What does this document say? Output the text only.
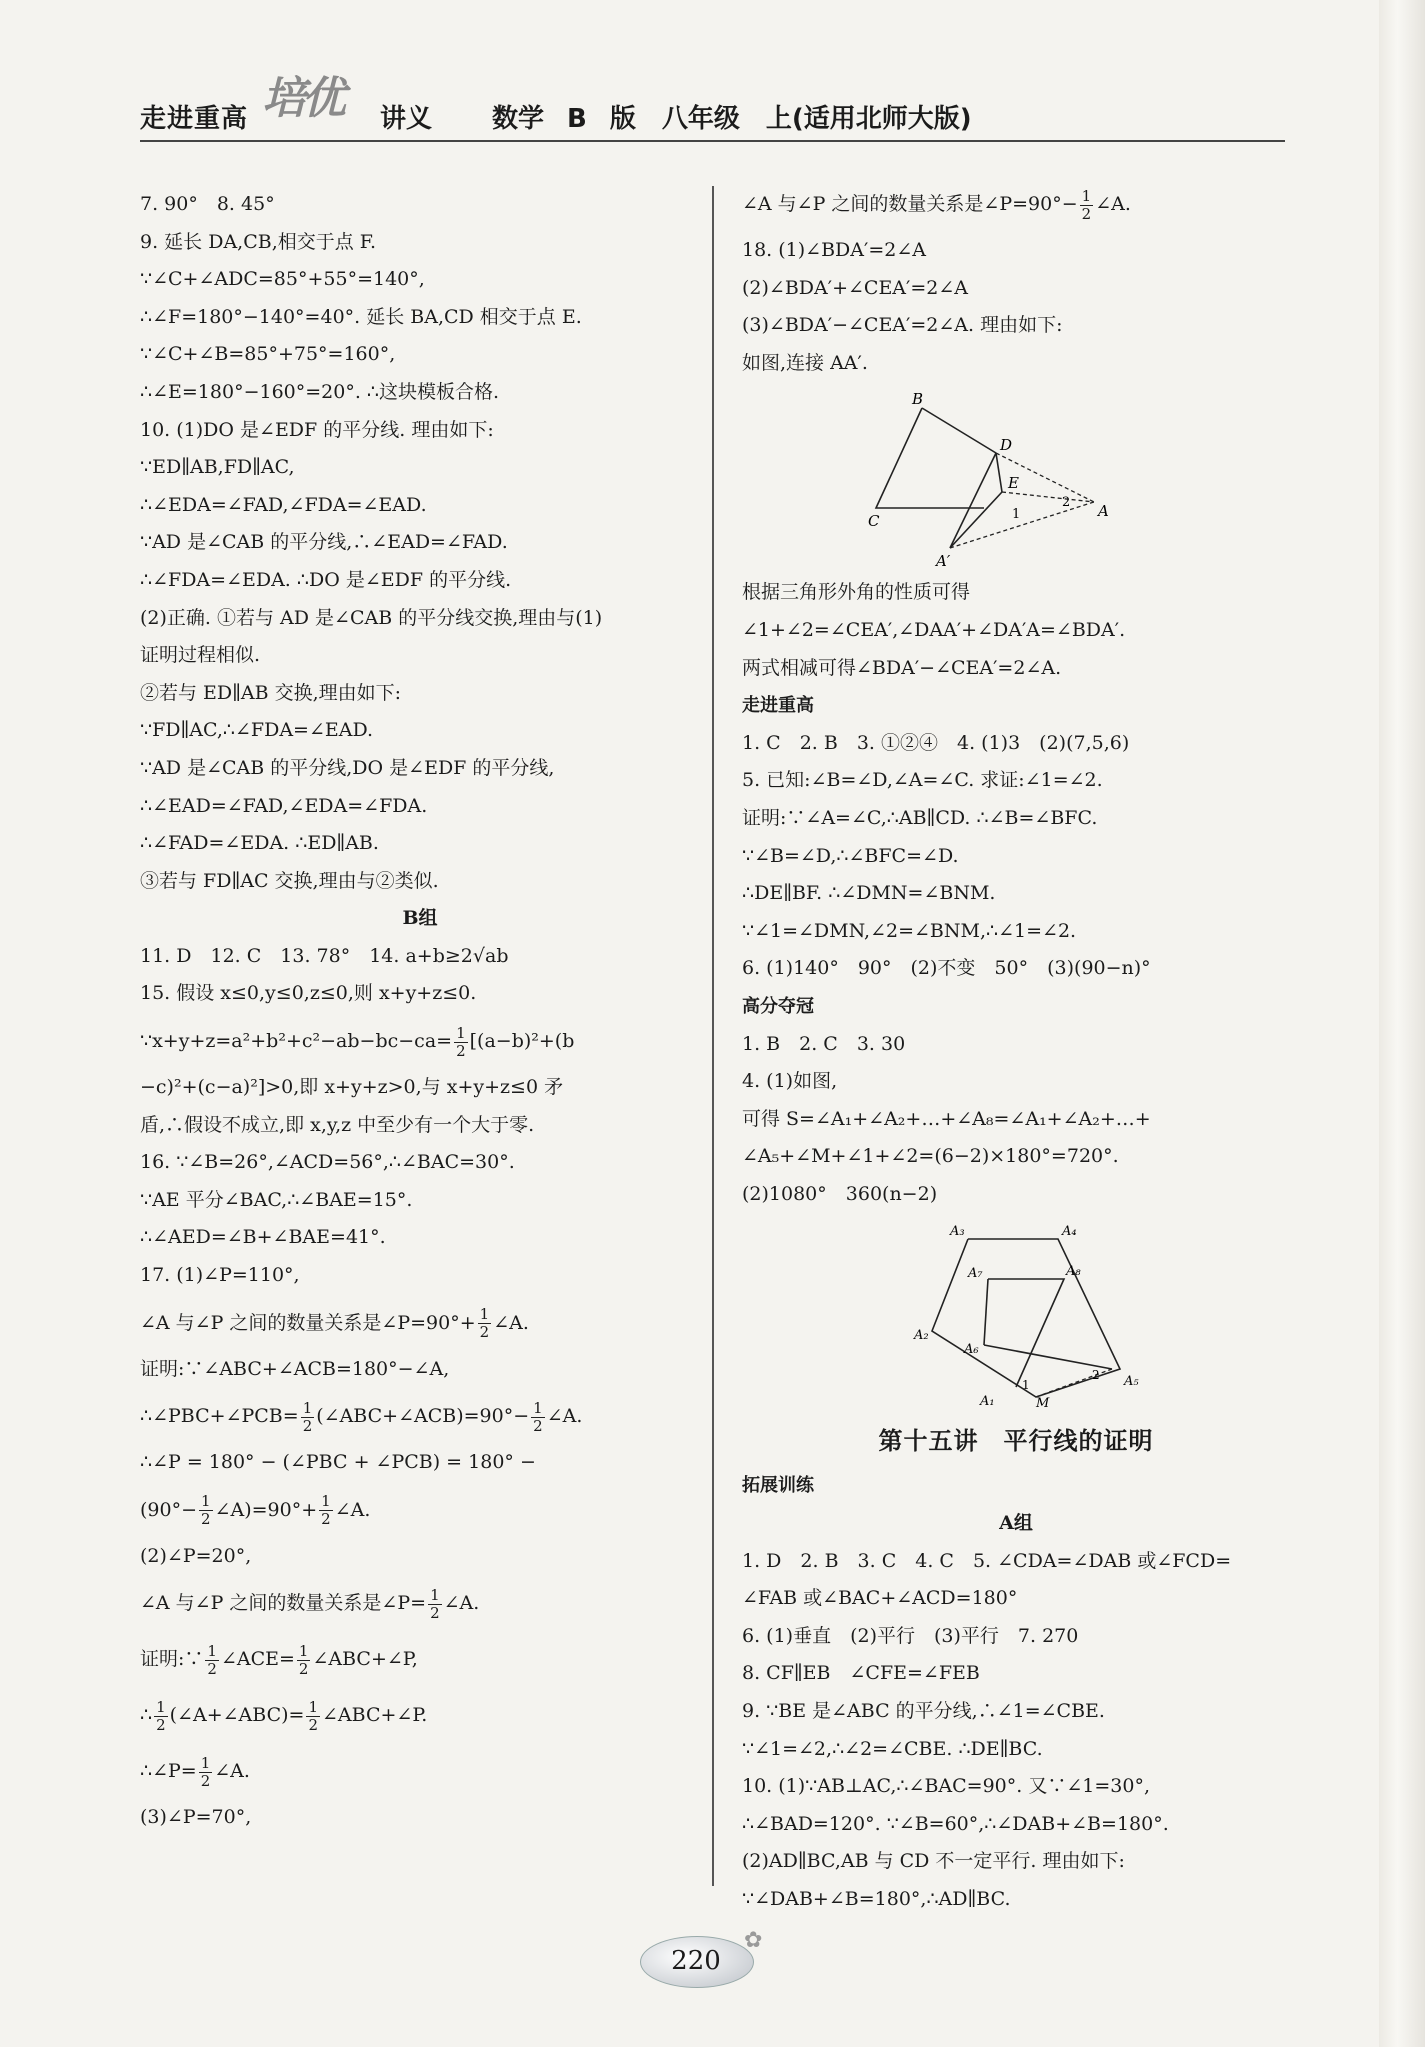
走进重高 培优 讲义 数学 B 版　八年级　上(适用北师大版)
7. 90°　8. 45°
9. 延长 DA,CB,相交于点 F.
∵∠C+∠ADC=85°+55°=140°,
∴∠F=180°−140°=40°. 延长 BA,CD 相交于点 E.
∵∠C+∠B=85°+75°=160°,
∴∠E=180°−160°=20°. ∴这块模板合格.
10. (1)DO 是∠EDF 的平分线. 理由如下:
∵ED∥AB,FD∥AC,
∴∠EDA=∠FAD,∠FDA=∠EAD.
∵AD 是∠CAB 的平分线,∴∠EAD=∠FAD.
∴∠FDA=∠EDA. ∴DO 是∠EDF 的平分线.
(2)正确. ①若与 AD 是∠CAB 的平分线交换,理由与(1)
证明过程相似.
②若与 ED∥AB 交换,理由如下:
∵FD∥AC,∴∠FDA=∠EAD.
∵AD 是∠CAB 的平分线,DO 是∠EDF 的平分线,
∴∠EAD=∠FAD,∠EDA=∠FDA.
∴∠FAD=∠EDA. ∴ED∥AB.
③若与 FD∥AC 交换,理由与②类似.
B组
11. D　12. C　13. 78°　14. a+b≥2√ab
15. 假设 x≤0,y≤0,z≤0,则 x+y+z≤0.
∵x+y+z=a²+b²+c²−ab−bc−ca= $\frac{1}{2} [(a-b)^2+(b$
−c)²+(c−a)²]>0,即 x+y+z>0,与 x+y+z≤0 矛
盾,∴假设不成立,即 x,y,z 中至少有一个大于零.
16. ∵∠B=26°,∠ACD=56°,∴∠BAC=30°.
∵AE 平分∠BAC,∴∠BAE=15°.
∴∠AED=∠B+∠BAE=41°.
17. (1)∠P=110°,
∠A 与∠P 之间的数量关系是∠P=90°+ $\frac{1}{2}$ ∠A.
证明:∵∠ABC+∠ACB=180°−∠A,
∴∠PBC+∠PCB= $\frac{1}{2}$ (∠ABC+∠ACB)=90°− $\frac{1}{2}$ ∠A.
∴∠P = 180° − (∠PBC + ∠PCB) = 180° −
($90^\circ- \frac{1}{2}$ ∠A)=90°+ $\frac{1}{2}$ ∠A.
(2)∠P=20°,
∠A 与∠P 之间的数量关系是∠P= $\frac{1}{2}$ ∠A.
证明:∵ $\frac{1}{2}$ ∠ACE= $\frac{1}{2}$ ∠ABC+∠P,
∴ $\frac{1}{2}$ (∠A+∠ABC)= $\frac{1}{2}$ ∠ABC+∠P.
∴∠P= $\frac{1}{2}$ ∠A.
(3)∠P=70°,
∠A 与∠P 之间的数量关系是∠P=90°− $\frac{1}{2}$ ∠A.
18. (1)∠BDA′=2∠A
(2)∠BDA′+∠CEA′=2∠A
(3)∠BDA′−∠CEA′=2∠A. 理由如下:
如图,连接 AA′.
B
D
E
C	1
2 A
A′
根据三角形外角的性质可得
∠1+∠2=∠CEA′,∠DAA′+∠DA′A=∠BDA′.
两式相减可得∠BDA′−∠CEA′=2∠A.
走进重高
1. C　2. B　3. ①②④　4. (1)3　(2)(7,5,6)
5. 已知:∠B=∠D,∠A=∠C. 求证:∠1=∠2.
证明:∵∠A=∠C,∴AB∥CD. ∴∠B=∠BFC.
∵∠B=∠D,∴∠BFC=∠D.
∴DE∥BF. ∴∠DMN=∠BNM.
∵∠1=∠DMN,∠2=∠BNM,∴∠1=∠2.
6. (1)140°　90°　(2)不变　50°　(3)(90−n)°
高分夺冠
1. B　2. C　3. 30
4. (1)如图,
可得 S=∠A₁+∠A₂+…+∠A₈=∠A₁+∠A₂+…+
∠A₅+∠M+∠1+∠2=(6−2)×180°=720°.
(2)1080°　360(n−2)
A₃	A₄
A₇	A₈
A₂
A₆
A₁
1
2
M
A₅
第十五讲　平行线的证明
拓展训练
A组
1. D　2. B　3. C　4. C　5. ∠CDA=∠DAB 或∠FCD=
∠FAB 或∠BAC+∠ACD=180°
6. (1)垂直　(2)平行　(3)平行　7. 270
8. CF∥EB　∠CFE=∠FEB
9. ∵BE 是∠ABC 的平分线,∴∠1=∠CBE.
∵∠1=∠2,∴∠2=∠CBE. ∴DE∥BC.
10. (1)∵AB⊥AC,∴∠BAC=90°. 又∵∠1=30°,
∴∠BAD=120°. ∵∠B=60°,∴∠DAB+∠B=180°.
(2)AD∥BC,AB 与 CD 不一定平行. 理由如下:
∵∠DAB+∠B=180°,∴AD∥BC.
220
✿
